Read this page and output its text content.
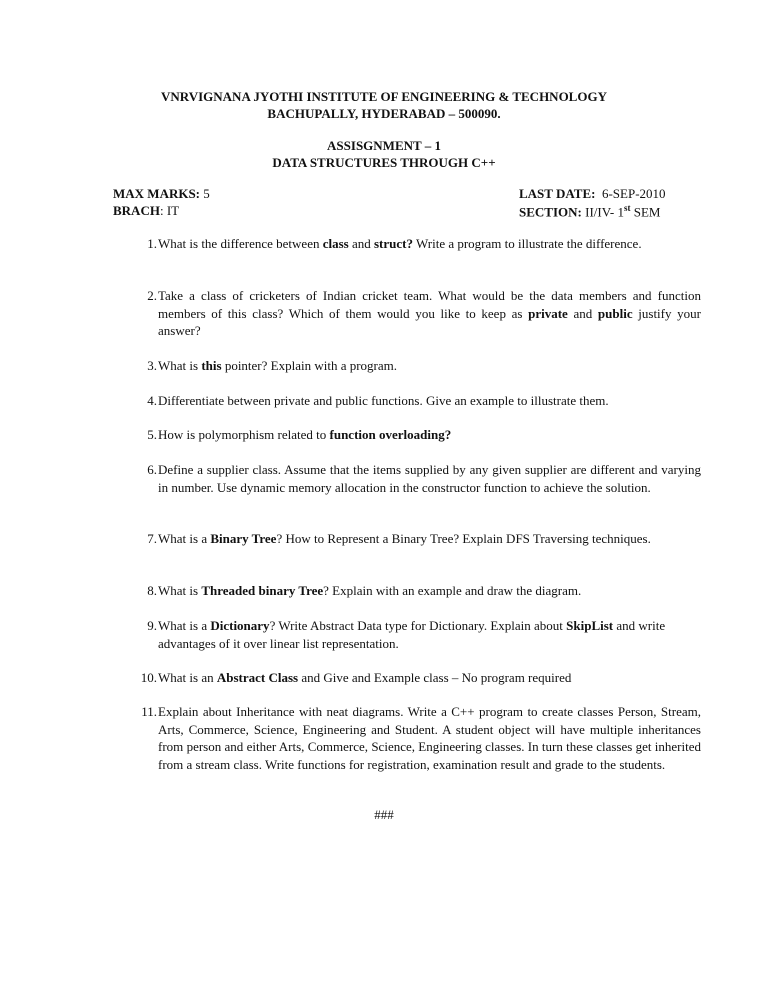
VNRVIGNANA JYOTHI INSTITUTE OF ENGINEERING & TECHNOLOGY
BACHUPALLY, HYDERABAD – 500090.
ASSISGNMENT – 1
DATA STRUCTURES THROUGH C++
MAX MARKS: 5
BRACH: IT
LAST DATE: 6-SEP-2010
SECTION: II/IV- 1st SEM
1. What is the difference between class and struct? Write a program to illustrate the difference.
2. Take a class of cricketers of Indian cricket team. What would be the data members and function members of this class? Which of them would you like to keep as private and public justify your answer?
3. What is this pointer? Explain with a program.
4. Differentiate between private and public functions. Give an example to illustrate them.
5. How is polymorphism related to function overloading?
6. Define a supplier class. Assume that the items supplied by any given supplier are different and varying in number. Use dynamic memory allocation in the constructor function to achieve the solution.
7. What is a Binary Tree? How to Represent a Binary Tree? Explain DFS Traversing techniques.
8. What is Threaded binary Tree? Explain with an example and draw the diagram.
9. What is a Dictionary? Write Abstract Data type for Dictionary. Explain about SkipList and write advantages of it over linear list representation.
10. What is an Abstract Class and Give and Example class – No program required
11. Explain about Inheritance with neat diagrams. Write a C++ program to create classes Person, Stream, Arts, Commerce, Science, Engineering and Student. A student object will have multiple inheritances from person and either Arts, Commerce, Science, Engineering classes. In turn these classes get inherited from a stream class. Write functions for registration, examination result and grade to the students.
###
